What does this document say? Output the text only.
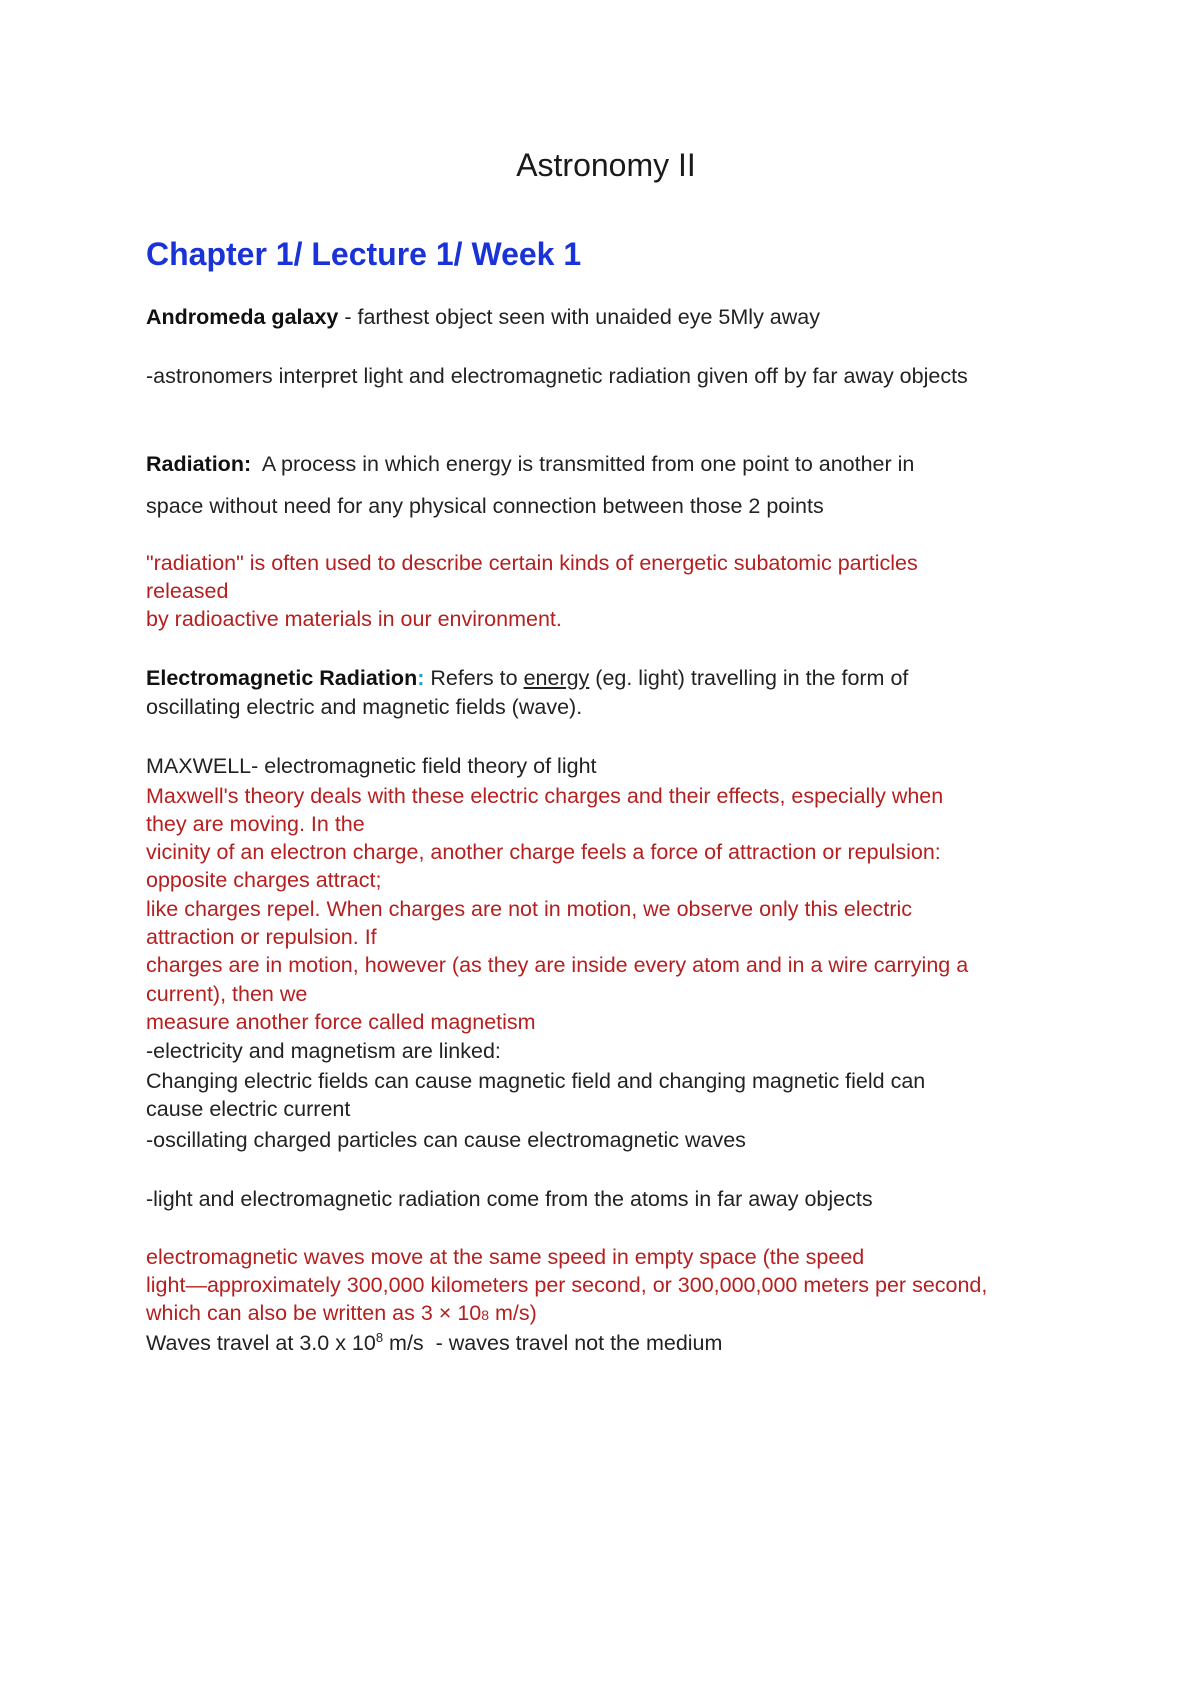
Astronomy II
Chapter 1/ Lecture 1/ Week 1

Andromeda galaxy - farthest object seen with unaided eye 5Mly away

-astronomers interpret light and electromagnetic radiation given off by far away objects

Radiation:  A process in which energy is transmitted from one point to another in

space without need for any physical connection between those 2 points

"radiation" is often used to describe certain kinds of energetic subatomic particles

released

by radioactive materials in our environment.

Electromagnetic Radiation: Refers to energy (eg. light) travelling in the form of

oscillating electric and magnetic fields (wave).

MAXWELL- electromagnetic field theory of light

Maxwell's theory deals with these electric charges and their effects, especially when

they are moving. In the

vicinity of an electron charge, another charge feels a force of attraction or repulsion:

opposite charges attract;

like charges repel. When charges are not in motion, we observe only this electric

attraction or repulsion. If

charges are in motion, however (as they are inside every atom and in a wire carrying a

current), then we

measure another force called magnetism

-electricity and magnetism are linked:

Changing electric fields can cause magnetic field and changing magnetic field can

cause electric current

-oscillating charged particles can cause electromagnetic waves

-light and electromagnetic radiation come from the atoms in far away objects

electromagnetic waves move at the same speed in empty space (the speed

light—approximately 300,000 kilometers per second, or 300,000,000 meters per second,

which can also be written as 3 × 108 m/s)

Waves travel at 3.0 x $10^8$ m/s  - waves travel not the medium
